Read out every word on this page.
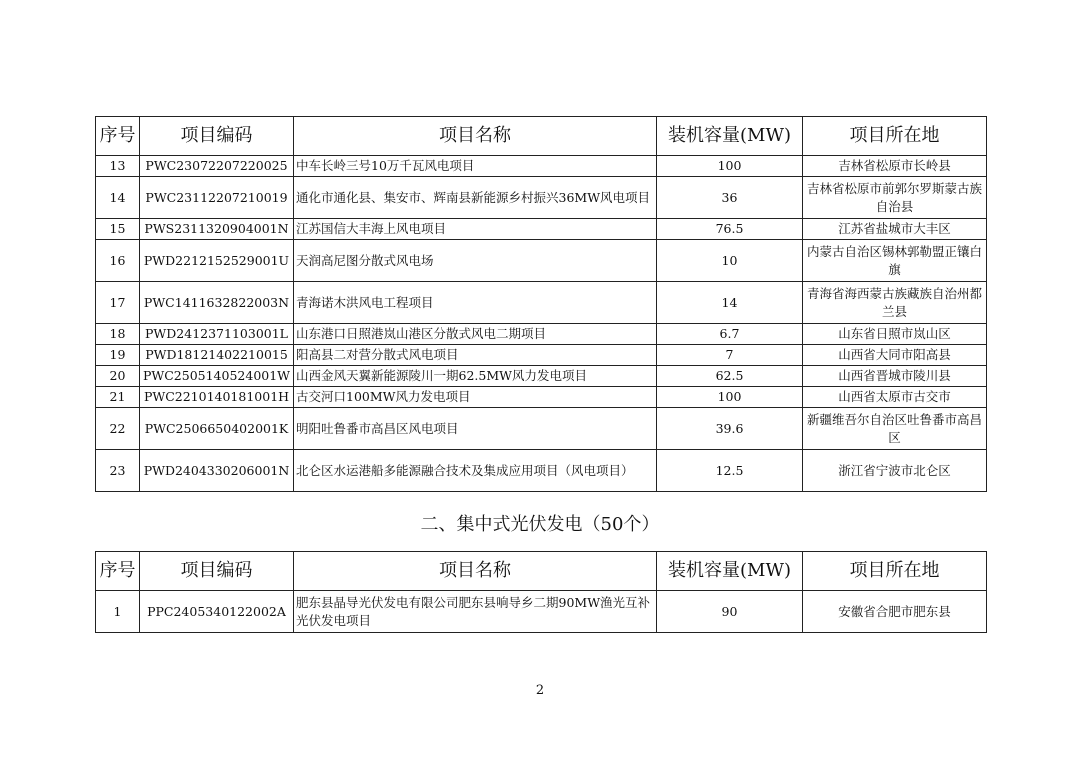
序号	项目编码	项目名称	装机容量(MW)	项目所在地
13	PWC23072207220025	中车长岭三号10万千瓦风电项目	100	吉林省松原市长岭县
14	PWC23112207210019	通化市通化县、集安市、辉南县新能源乡村振兴36MW风电项目	36	吉林省松原市前郭尔罗斯蒙古族自治县
15	PWS2311320904001N	江苏国信大丰海上风电项目	76.5	江苏省盐城市大丰区
16	PWD2212152529001U	天润高尼图分散式风电场	10	内蒙古自治区锡林郭勒盟正镶白旗
17	PWC1411632822003N	青海诺木洪风电工程项目	14	青海省海西蒙古族藏族自治州都兰县
18	PWD2412371103001L	山东港口日照港岚山港区分散式风电二期项目	6.7	山东省日照市岚山区
19	PWD18121402210015	阳高县二对营分散式风电项目	7	山西省大同市阳高县
20	PWC2505140524001W	山西金风天翼新能源陵川一期62.5MW风力发电项目	62.5	山西省晋城市陵川县
21	PWC2210140181001H	古交河口100MW风力发电项目	100	山西省太原市古交市
22	PWC2506650402001K	明阳吐鲁番市高昌区风电项目	39.6	新疆维吾尔自治区吐鲁番市高昌区
23	PWD2404330206001N	北仑区水运港船多能源融合技术及集成应用项目（风电项目）	12.5	浙江省宁波市北仑区
二、集中式光伏发电（50个）
序号	项目编码	项目名称	装机容量(MW)	项目所在地
1	PPC2405340122002A	肥东县晶导光伏发电有限公司肥东县响导乡二期90MW渔光互补光伏发电项目	90	安徽省合肥市肥东县
2
